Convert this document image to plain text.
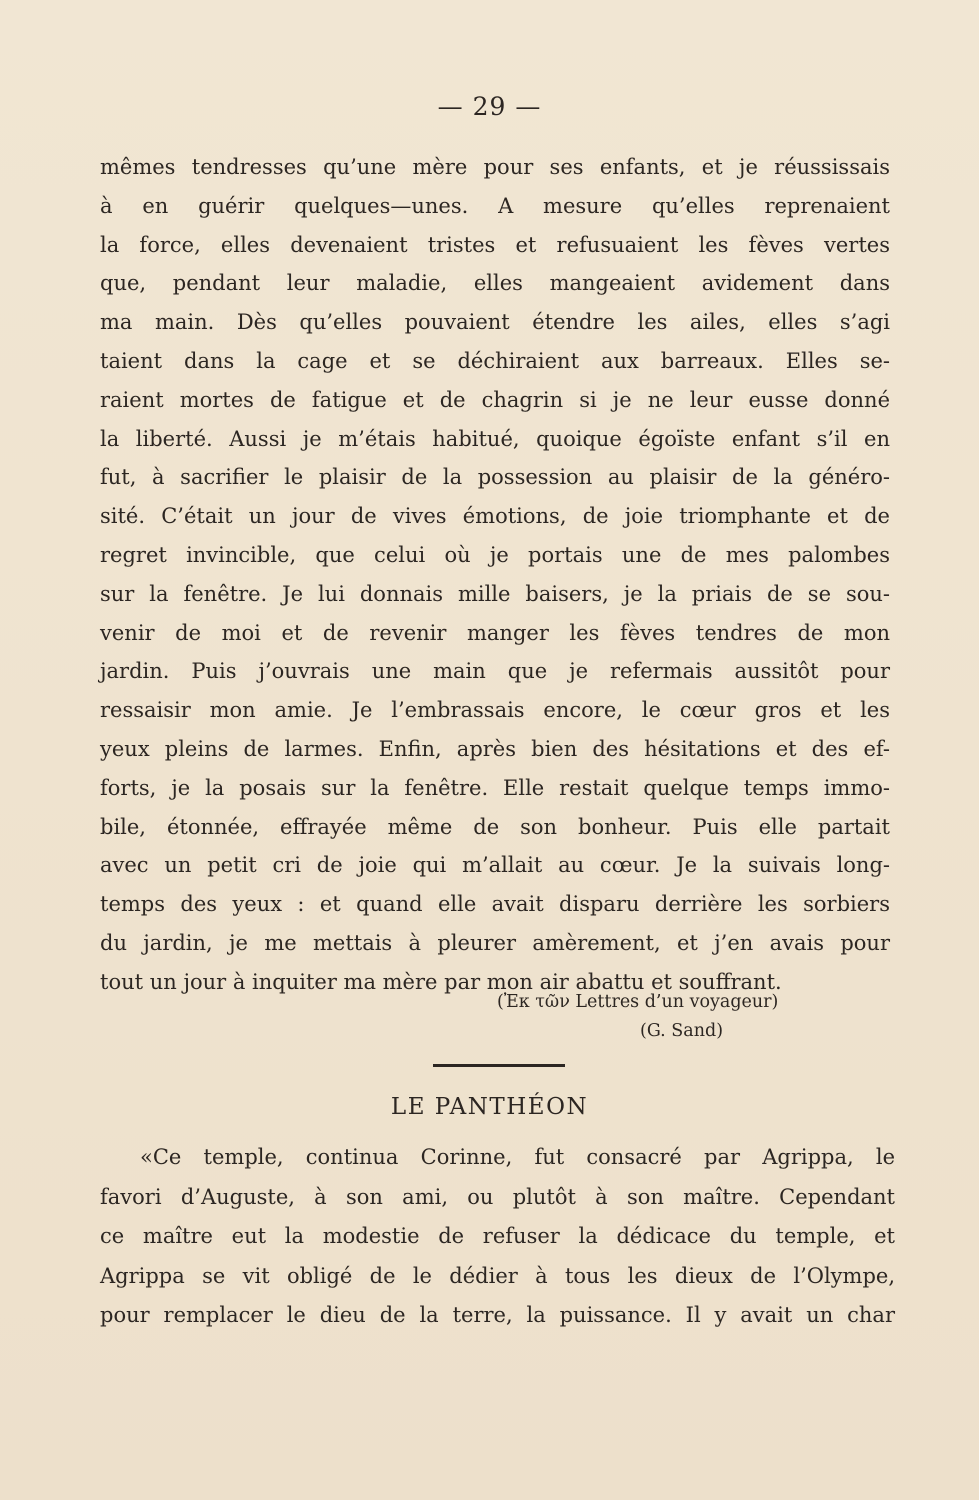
— 29 —
mêmes tendresses qu’une mère pour ses enfants, et je réussissais
à en guérir quelques—unes. A mesure qu’elles reprenaient
la force, elles devenaient tristes et refusuaient les fèves vertes
que, pendant leur maladie, elles mangeaient avidement dans
ma main. Dès qu’elles pouvaient étendre les ailes, elles s’agi
taient dans la cage et se déchiraient aux barreaux. Elles se-
raient mortes de fatigue et de chagrin si je ne leur eusse donné
la liberté. Aussi je m’étais habitué, quoique égoïste enfant s’il en
fut, à sacrifier le plaisir de la possession au plaisir de la généro-
sité. C’était un jour de vives émotions, de joie triomphante et de
regret invincible, que celui où je portais une de mes palombes
sur la fenêtre. Je lui donnais mille baisers, je la priais de se sou-
venir de moi et de revenir manger les fèves tendres de mon
jardin. Puis j’ouvrais une main que je refermais aussitôt pour
ressaisir mon amie. Je l’embrassais encore, le cœur gros et les
yeux pleins de larmes. Enfin, après bien des hésitations et des ef-
forts, je la posais sur la fenêtre. Elle restait quelque temps immo-
bile, étonnée, effrayée même de son bonheur. Puis elle partait
avec un petit cri de joie qui m’allait au cœur. Je la suivais long-
temps des yeux : et quand elle avait disparu derrière les sorbiers
du jardin, je me mettais à pleurer amèrement, et j’en avais pour
tout un jour à inquiter ma mère par mon air abattu et souffrant.
(Ἐκ τῶν Lettres d’un voyageur)
(G. Sand)
LE PANTHÉON
«Ce temple, continua Corinne, fut consacré par Agrippa, le
favori d’Auguste, à son ami, ou plutôt à son maître. Cependant
ce maître eut la modestie de refuser la dédicace du temple, et
Agrippa se vit obligé de le dédier à tous les dieux de l’Olympe,
pour remplacer le dieu de la terre, la puissance. Il y avait un char
